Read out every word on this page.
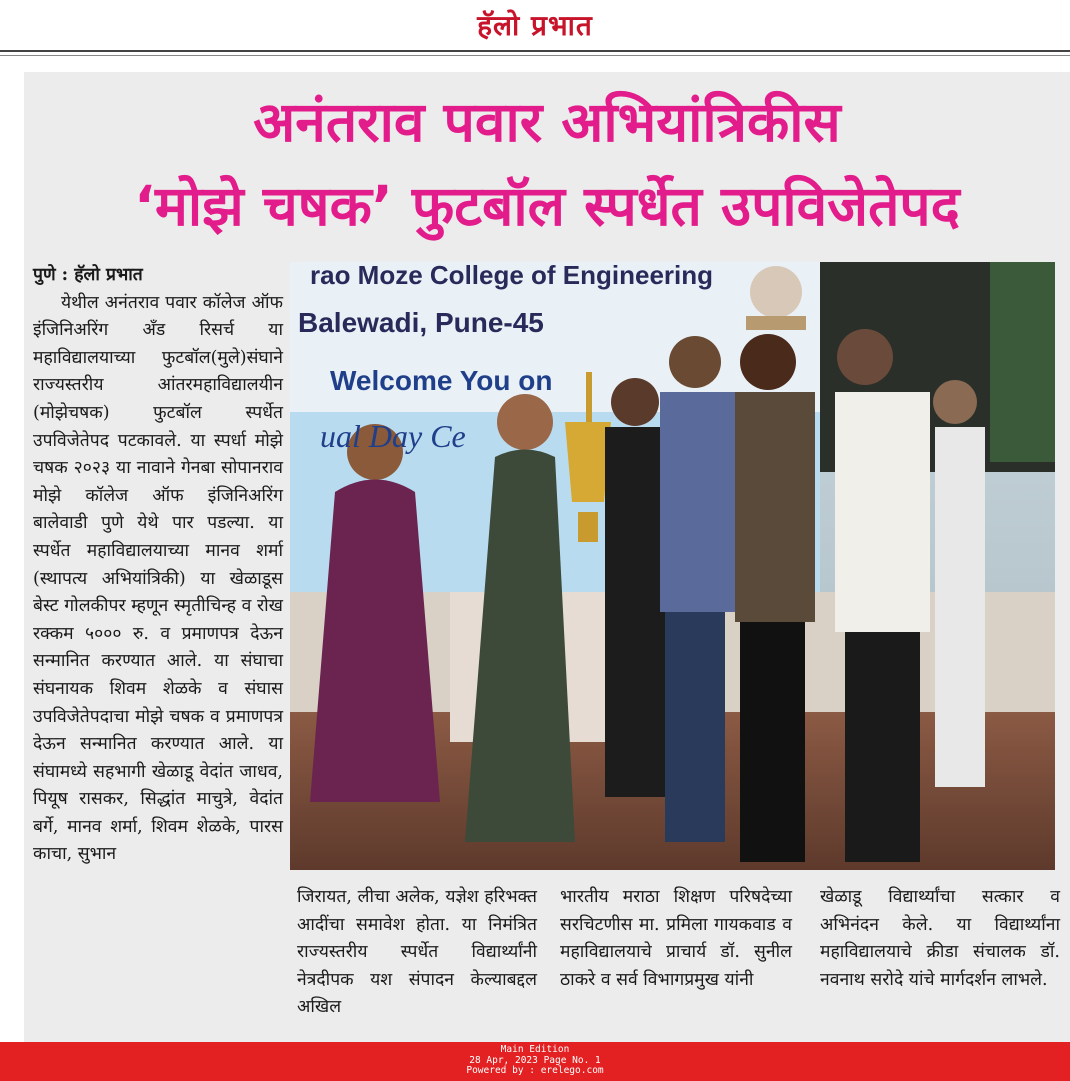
हॅलो प्रभात
अनंतराव पवार अभियांत्रिकीस
‘मोझे चषक’ फुटबॉल स्पर्धेत उपविजेतेपद
पुणे : हॅलो प्रभात
येथील अनंतराव पवार कॉलेज ऑफ इंजिनिअरिंग अँड रिसर्च या महाविद्यालयाच्या फुटबॉल(मुले)संघाने राज्यस्तरीय आंतरमहाविद्यालयीन (मोझेचषक) फुटबॉल स्पर्धेत उपविजेतेपद पटकावले. या स्पर्धा मोझे चषक २०२३ या नावाने गेनबा सोपानराव मोझे कॉलेज ऑफ इंजिनिअरिंग बालेवाडी पुणे येथे पार पडल्या. या स्पर्धेत महाविद्यालयाच्या मानव शर्मा (स्थापत्य अभियांत्रिकी) या खेळाडूस बेस्ट गोलकीपर म्हणून स्मृतीचिन्ह व रोख रक्कम ५००० रु. व प्रमाणपत्र देऊन सन्मानित करण्यात आले. या संघाचा संघनायक शिवम शेळके व संघास उपविजेतेपदाचा मोझे चषक व प्रमाणपत्र देऊन सन्मानित करण्यात आले. या संघामध्ये सहभागी खेळाडू वेदांत जाधव, पियूष रासकर, सिद्धांत माचुत्रे, वेदांत बर्गे, मानव शर्मा, शिवम शेळके, पारस काचा, सुभान
rao Moze College of Engineering
Balewadi, Pune-45
Welcome You on
ual Day Ce
जिरायत, लीचा अलेक, यज्ञेश हरिभक्त आदींचा समावेश होता. या निमंत्रित राज्यस्तरीय स्पर्धेत विद्यार्थ्यांनी नेत्रदीपक यश संपादन केल्याबद्दल अखिल
भारतीय मराठा शिक्षण परिषदेच्या सरचिटणीस मा. प्रमिला गायकवाड व महाविद्यालयाचे प्राचार्य डॉ. सुनील ठाकरे व सर्व विभागप्रमुख यांनी
खेळाडू विद्यार्थ्यांचा सत्कार व अभिनंदन केले. या विद्यार्थ्यांना महाविद्यालयाचे क्रीडा संचालक डॉ. नवनाथ सरोदे यांचे मार्गदर्शन लाभले.
Main Edition
28 Apr, 2023 Page No. 1
Powered by : erelego.com
